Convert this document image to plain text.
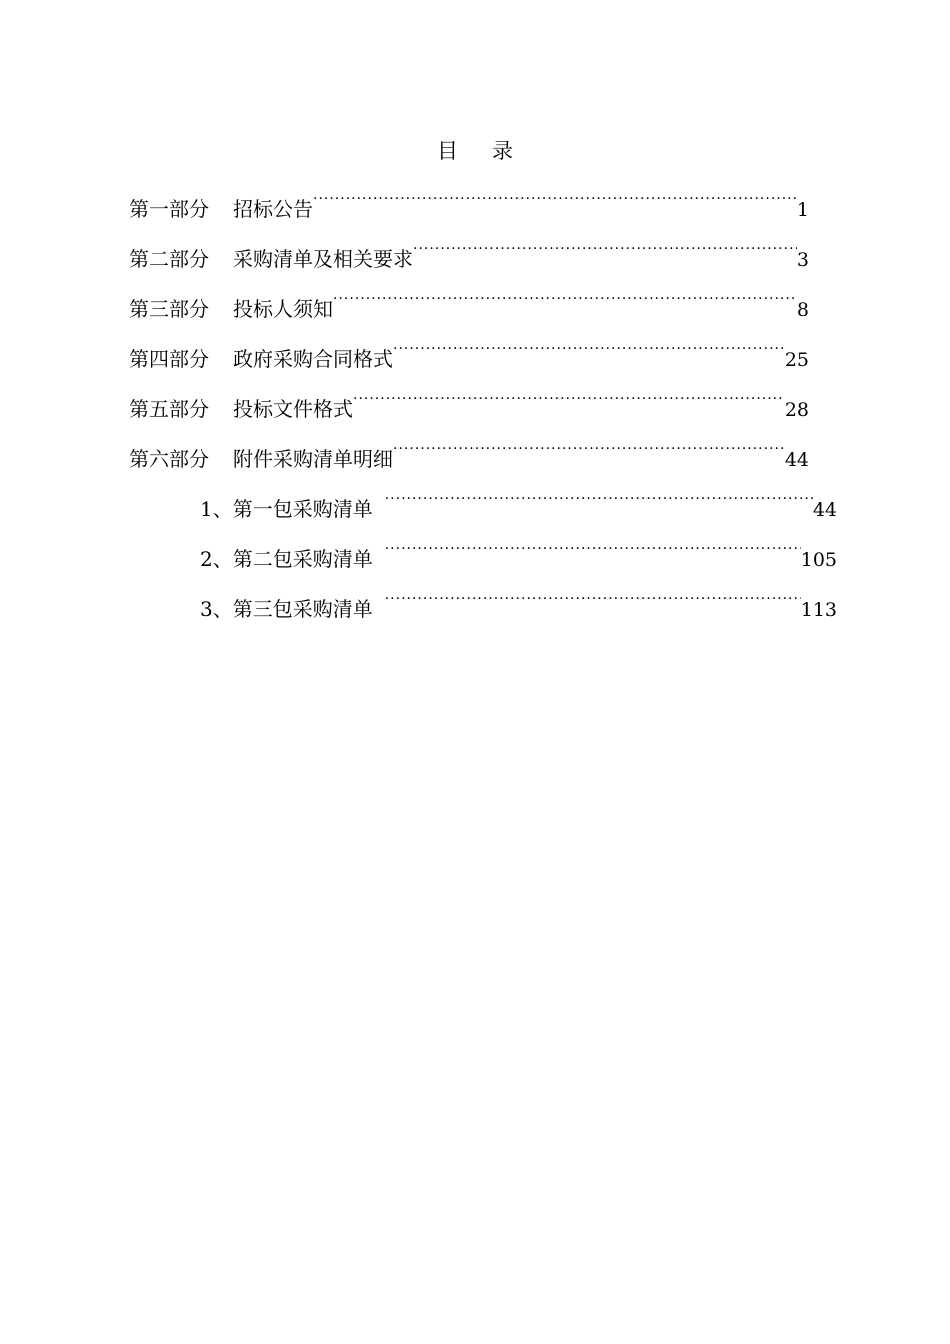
目录
第一部分 招标公告 ·····	1
第二部分 采购清单及相关要求 ·····	3
第三部分 投标人须知 ·····	8
第四部分 政府采购合同格式 ·····	25
第五部分 投标文件格式 ·····	28
第六部分 附件采购清单明细 ·····	44
1、第一包采购清单 ·····	44
2、第二包采购清单 ·····	105
3、第三包采购清单 ·····	113
